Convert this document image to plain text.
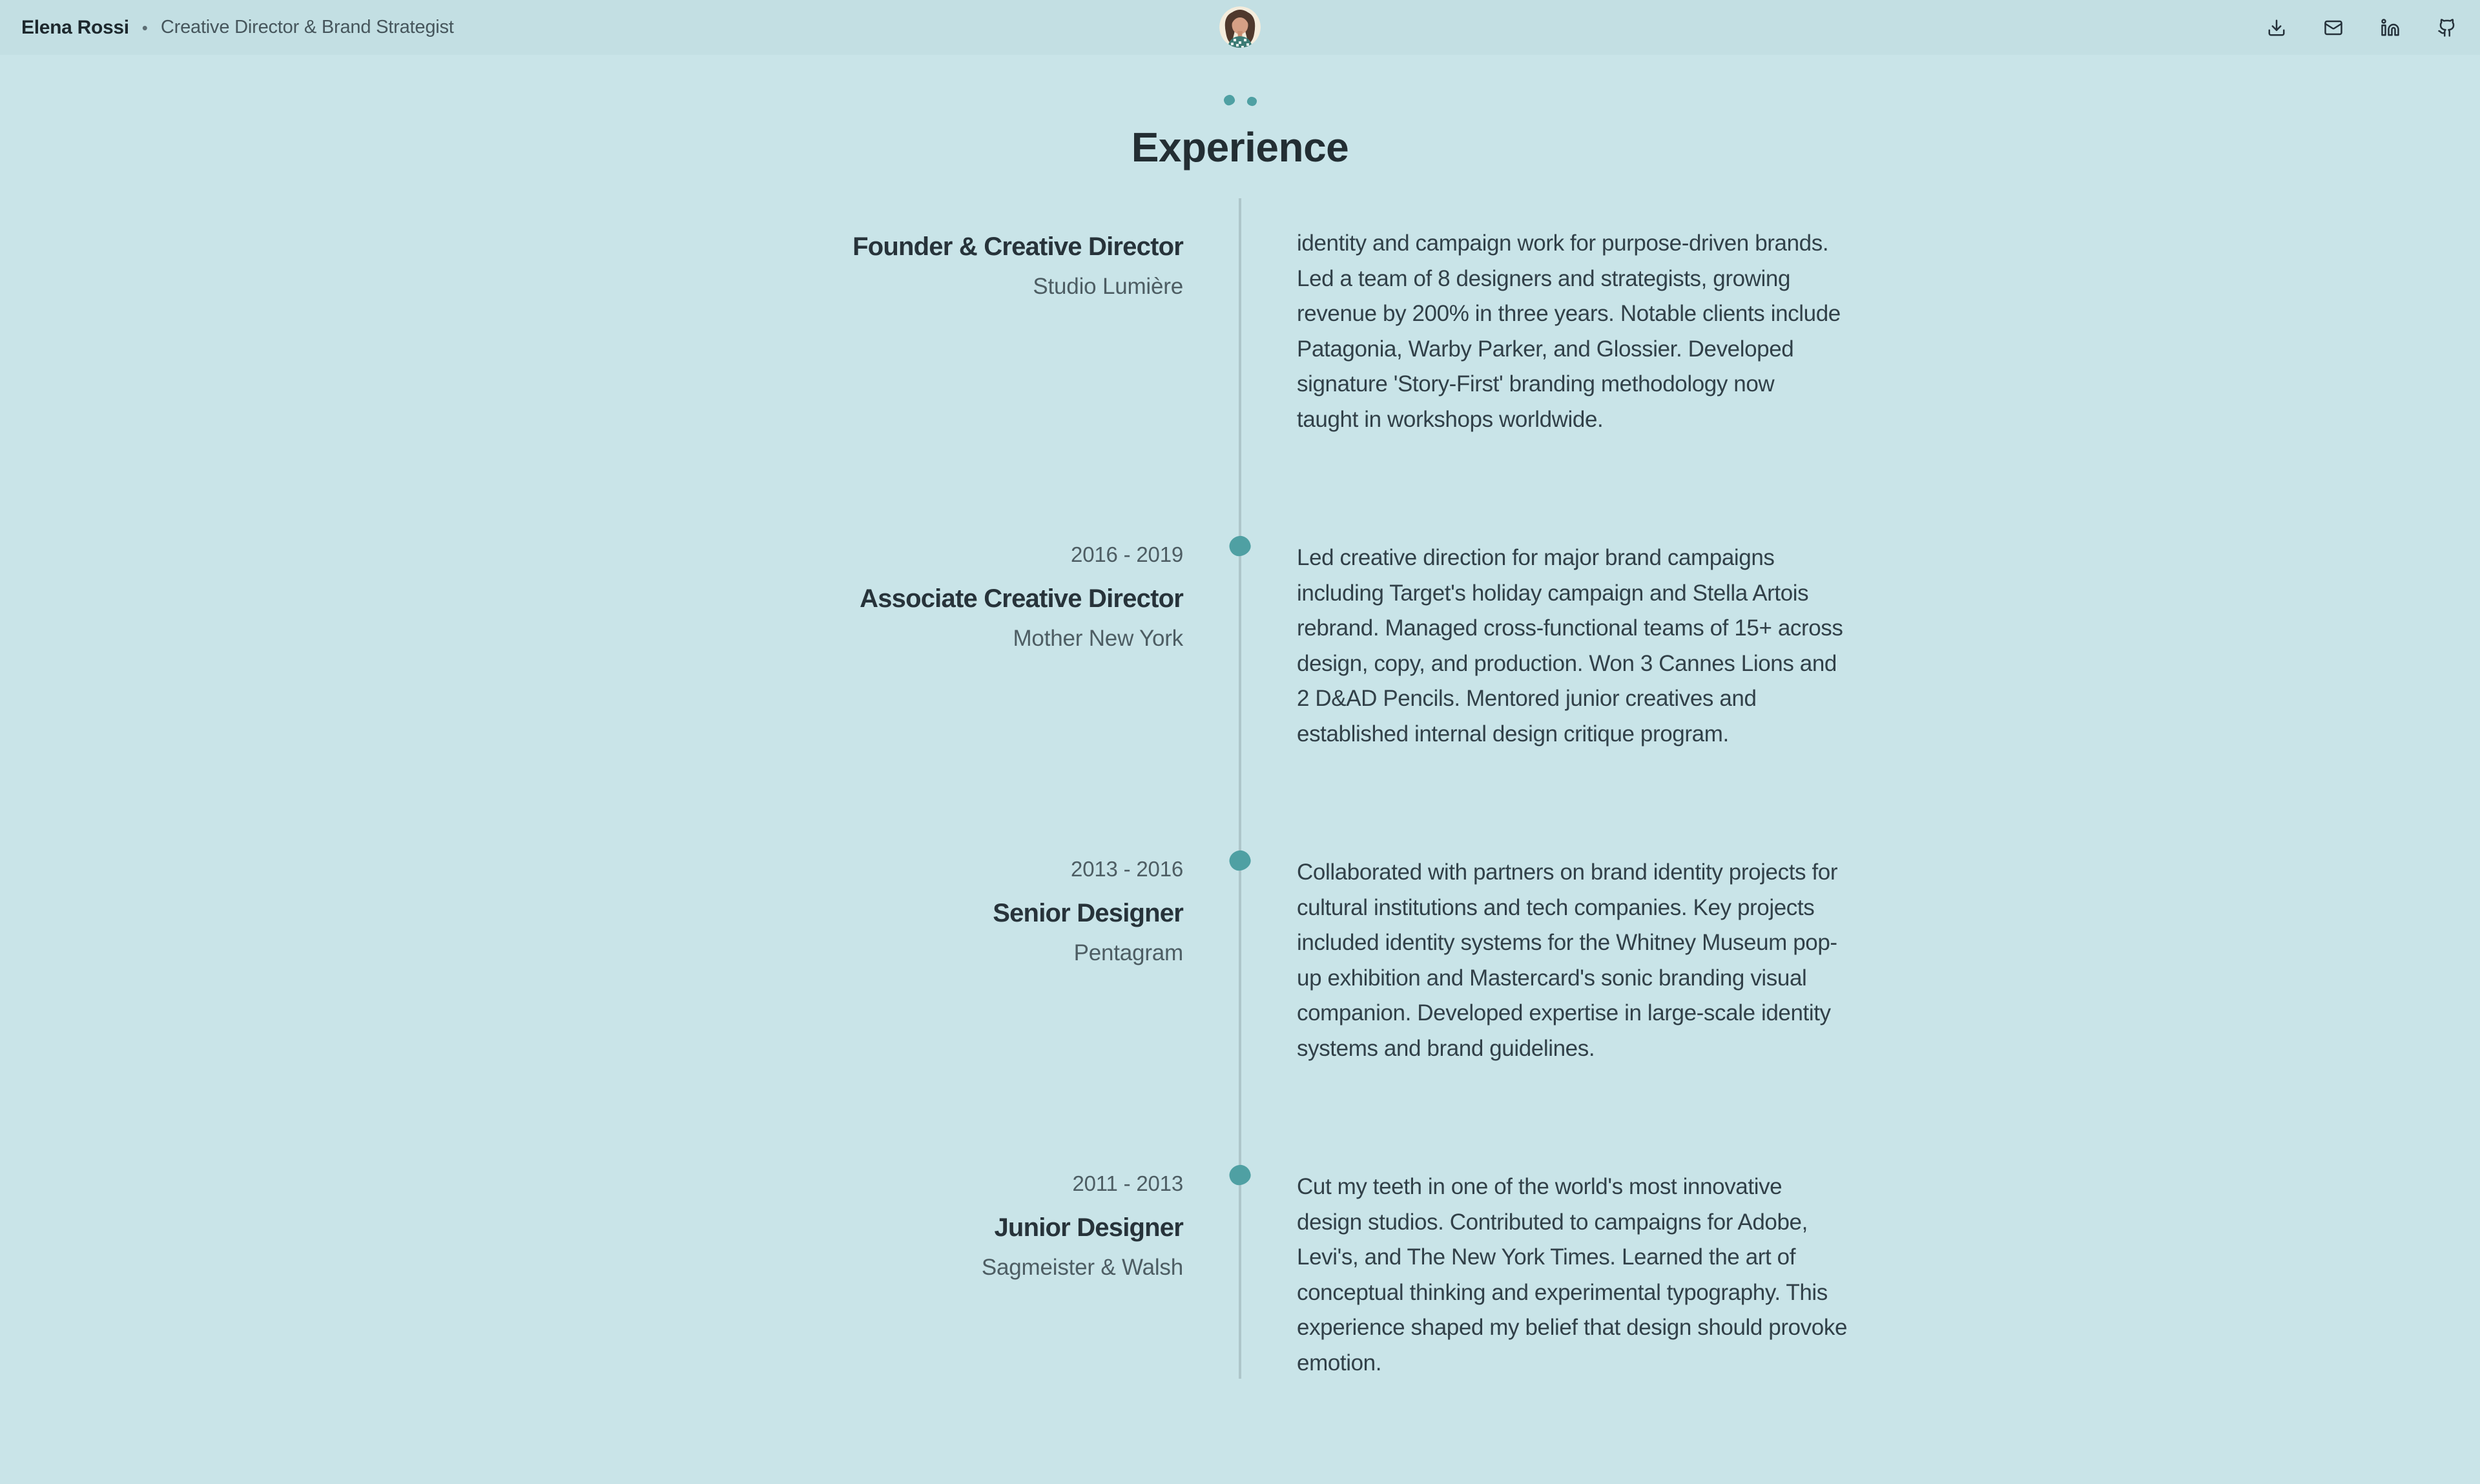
Elena Rossi • Creative Director & Brand Strategist
Experience
Founder & Creative Director
Studio Lumière

identity and campaign work for purpose-driven brands.
Led a team of 8 designers and strategists, growing
revenue by 200% in three years. Notable clients include
Patagonia, Warby Parker, and Glossier. Developed
signature 'Story-First' branding methodology now
taught in workshops worldwide.

2016 - 2019
Associate Creative Director
Mother New York

Led creative direction for major brand campaigns
including Target's holiday campaign and Stella Artois
rebrand. Managed cross-functional teams of 15+ across
design, copy, and production. Won 3 Cannes Lions and
2 D&AD Pencils. Mentored junior creatives and
established internal design critique program.

2013 - 2016
Senior Designer
Pentagram

Collaborated with partners on brand identity projects for
cultural institutions and tech companies. Key projects
included identity systems for the Whitney Museum pop-
up exhibition and Mastercard's sonic branding visual
companion. Developed expertise in large-scale identity
systems and brand guidelines.

2011 - 2013
Junior Designer
Sagmeister & Walsh

Cut my teeth in one of the world's most innovative
design studios. Contributed to campaigns for Adobe,
Levi's, and The New York Times. Learned the art of
conceptual thinking and experimental typography. This
experience shaped my belief that design should provoke
emotion.
